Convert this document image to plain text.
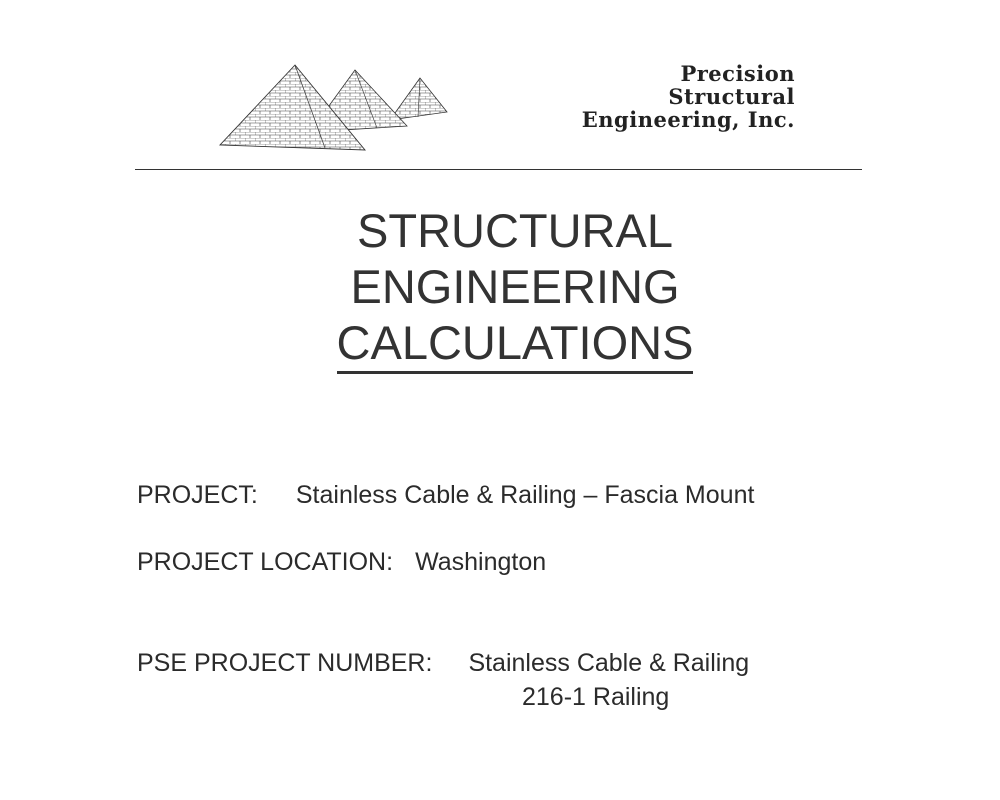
Precision
Structural
Engineering, Inc.
STRUCTURAL
ENGINEERING
CALCULATIONS
PROJECT: Stainless Cable & Railing – Fascia Mount
PROJECT LOCATION: Washington
PSE PROJECT NUMBER: Stainless Cable & Railing
216-1 Railing
